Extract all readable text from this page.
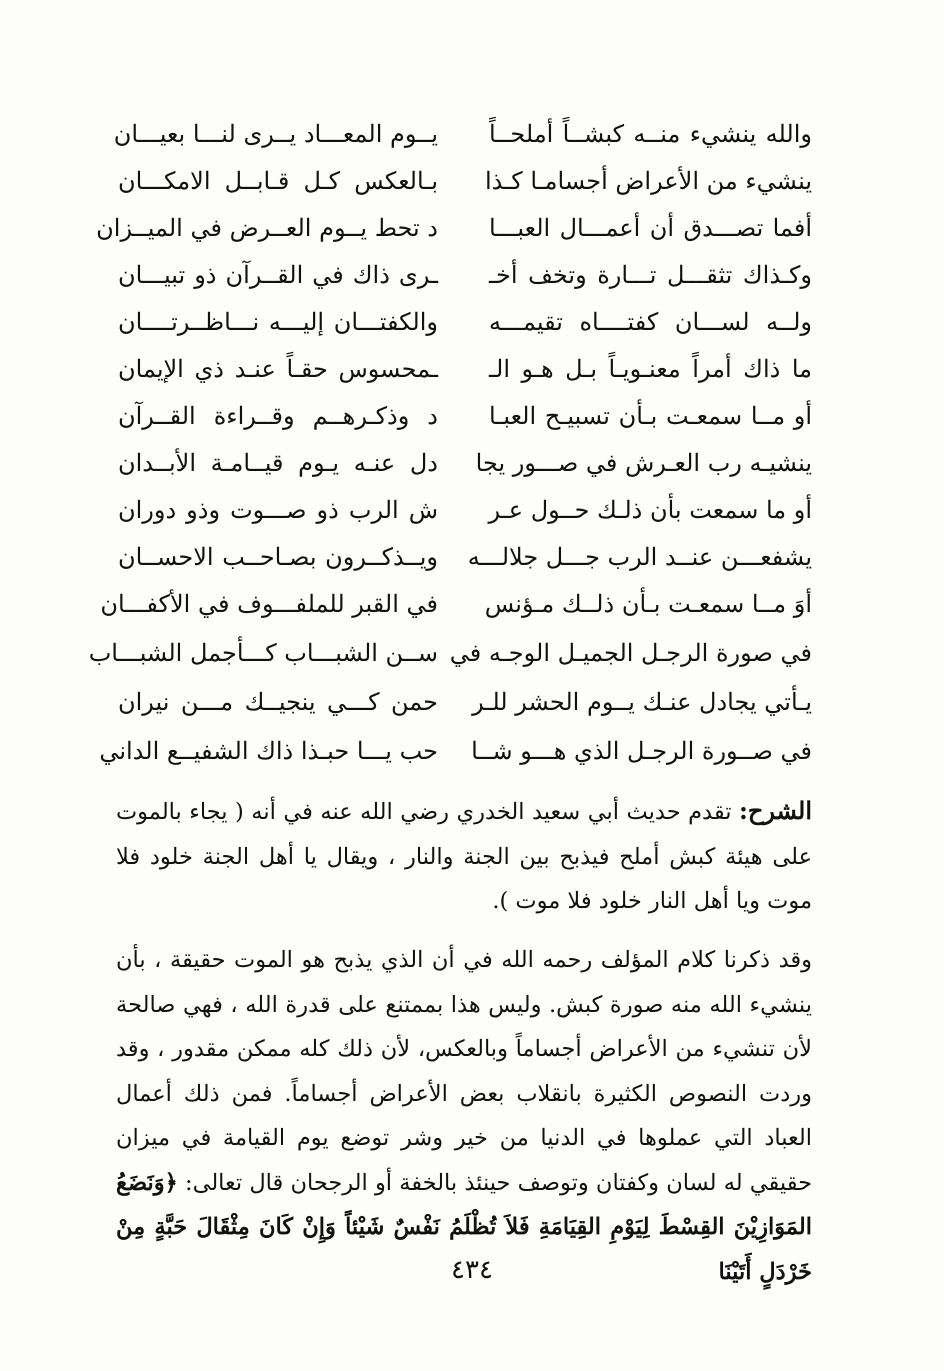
والله ينشيء منــه كبشــاً أملحــاً
يــوم المعـــاد يــرى لنـــا بعيـــان
ينشيء من الأعراض أجسامـا كـذا
بـالعكس كـل قـابــل الامكـــان
أفما تصـــدق أن أعمـــال العبـــا
د تحط يــوم العــرض في الميــزان
وكـذاك تثقـــل تـــارة وتخف أخـ
ـرى ذاك في القــرآن ذو تبيـــان
ولــه لســـان كفتــــاه تقيمـــه
والكفتـــان إليـــه نـــاظــرتــــان
ما ذاك أمراً معنـويـاً بـل هـو الـ
ـمحسوس حقـاً عنـد ذي الإيمان
أو مــا سمعـت بـأن تسبيـح العبـا
د وذكـرهــم وقــراءة القــرآن
ينشيـه رب العـرش في صـــور يجا
دل عنـه يـوم قيــامـة الأبــدان
أو ما سمعت بأن ذلـك حــول عـر
ش الرب ذو صـــوت وذو دوران
يشفعـــن عنــد الرب جـــل جلالـــه
ويــذكــرون بصـاحــب الاحســان
أوَ مــا سمعـت بـأن ذلــك مـؤنس
في القبر للملفـــوف في الأكفـــان
في صورة الرجـل الجميـل الوجـه في
ســن الشبـــاب كـــأجمل الشبـــاب
يـأتي يجادل عنـك يــوم الحشر للـر
حمن كـــي ينجيــك مـــن نيران
في صــورة الرجـل الذي هـــو شــا
حب يـــا حبـذا ذاك الشفيــع الداني
الشرح: تقدم حديث أبي سعيد الخدري رضي الله عنه في أنه ( يجاء بالموت على هيئة كبش أملح فيذبح بين الجنة والنار ، ويقال يا أهل الجنة خلود فلا موت ويا أهل النار خلود فلا موت ).
وقد ذكرنا كلام المؤلف رحمه الله في أن الذي يذبح هو الموت حقيقة ، بأن ينشيء الله منه صورة كبش. وليس هذا بممتنع على قدرة الله ، فهي صالحة لأن تنشيء من الأعراض أجساماً وبالعكس، لأن ذلك كله ممكن مقدور ، وقد وردت النصوص الكثيرة بانقلاب بعض الأعراض أجساماً. فمن ذلك أعمال العباد التي عملوها في الدنيا من خير وشر توضع يوم القيامة في ميزان حقيقي له لسان وكفتان وتوصف حينئذ بالخفة أو الرجحان قال تعالى: ﴿وَنَضَعُ المَوَازِيْنَ القِسْطَ لِيَوْمِ القِيَامَةِ فَلاَ تُظْلَمُ نَفْسٌ شَيْئاً وَإِنْ كَانَ مِثْقَالَ حَبَّةٍ مِنْ خَرْدَلٍ أَتَيْنَا
٤٣٤
